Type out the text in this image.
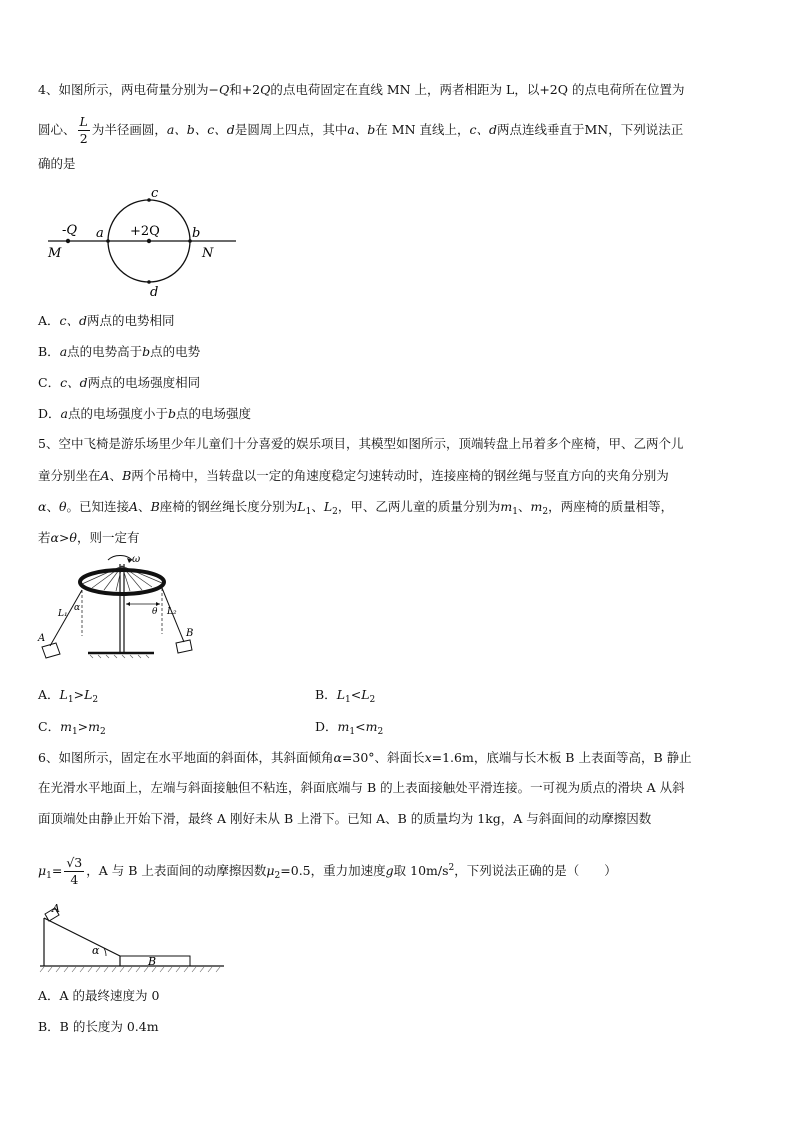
4、如图所示，两电荷量分别为−Q和+2Q的点电荷固定在直线 MN 上，两者相距为 L，以+2Q 的点电荷所在位置为
圆心、 $\frac{L}{2}$ 为半径画圆，a、b、c、d是圆周上四点，其中a、b在 MN 直线上，c、d两点连线垂直于MN，下列说法正
确的是
-Q	+2Q
a	b
c
d
M	N
A．c、d两点的电势相同
B．a点的电势高于b点的电势
C．c、d两点的电场强度相同
D．a点的电场强度小于b点的电场强度
5、空中飞椅是游乐场里少年儿童们十分喜爱的娱乐项目，其模型如图所示，顶端转盘上吊着多个座椅，甲、乙两个儿
童分别坐在A、B两个吊椅中，当转盘以一定的角速度稳定匀速转动时，连接座椅的钢丝绳与竖直方向的夹角分别为
α、θ。已知连接A、B座椅的钢丝绳长度分别为$L_1$、$L_2$，甲、乙两儿童的质量分别为$m_1$、$m_2$，两座椅的质量相等，
若α>θ，则一定有
ω
L₁
α
A
L₂
θ
B
A．$L_1>L_2$	B．$L_1<L_2$
C．$m_1>m_2$	D．$m_1<m_2$
6、如图所示，固定在水平地面的斜面体，其斜面倾角α=30°、斜面长x=1.6m，底端与长木板 B 上表面等高，B 静止
在光滑水平地面上，左端与斜面接触但不粘连，斜面底端与 B 的上表面接触处平滑连接。一可视为质点的滑块 A 从斜
面顶端处由静止开始下滑，最终 A 刚好未从 B 上滑下。已知 A、B 的质量均为 1kg，A 与斜面间的动摩擦因数
$\mu_1= \frac{√3}{4}$ ，A 与 B 上表面间的动摩擦因数$\mu_2=0.5$，重力加速度g取 $10m/s^2$，下列说法正确的是（　　）
A
α
B
A．A 的最终速度为 0
B．B 的长度为 0.4m
